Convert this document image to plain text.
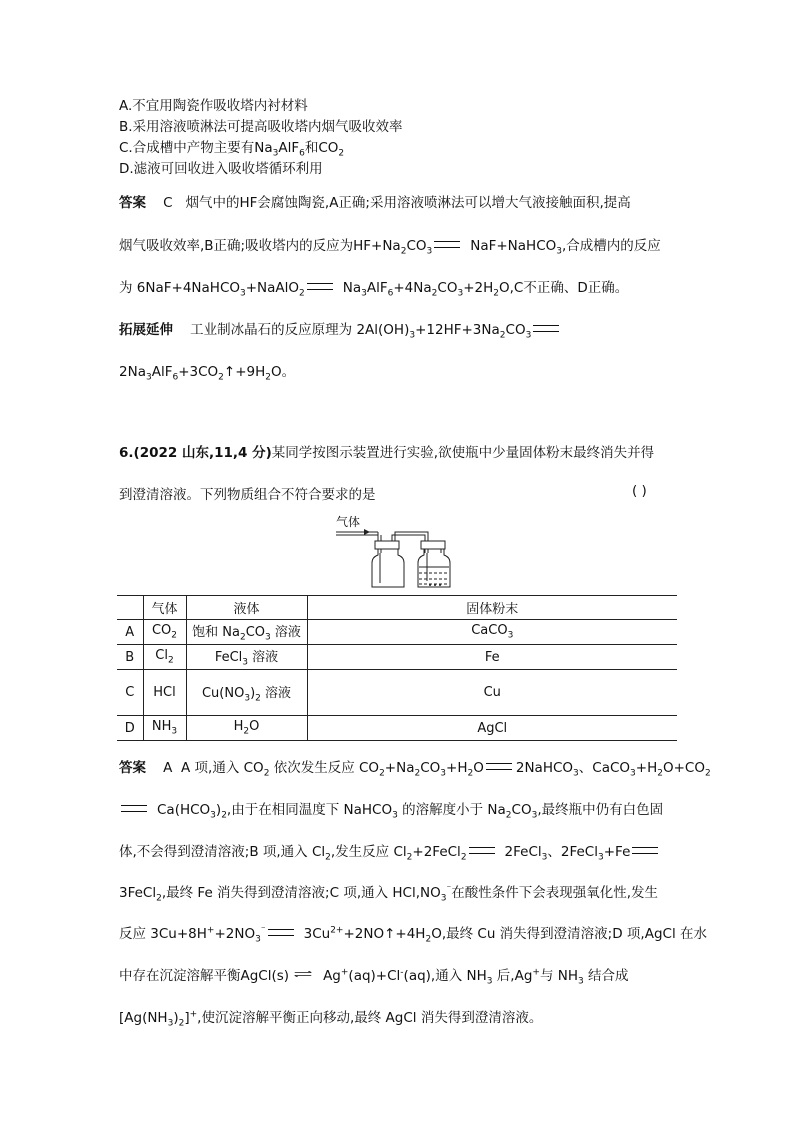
A.不宜用陶瓷作吸收塔内衬材料
B.采用溶液喷淋法可提高吸收塔内烟气吸收效率
C.合成槽中产物主要有$Na_3AlF_6$和$CO_2$
D.滤液可回收进入吸收塔循环利用
答案 C 烟气中的HF会腐蚀陶瓷,A正确;采用溶液喷淋法可以增大气液接触面积,提高
烟气吸收效率,B正确;吸收塔内的反应为$HF+Na_2CO_3$	NaF+NaHCO$_3$,合成槽内的反应
为 6NaF+4NaHCO$_3$+NaAlO$_2$	$Na_3AlF_6+4Na_2CO_3+2H_2O,C$不正确、D正确。
拓展延伸 工业制冰晶石的反应原理为 $2Al(OH)_3+12HF+3Na_2CO_3$
$2Na_3AlF_6+3CO_2↑+9H_2O$。
6.(2022 山东,11,4 分)某同学按图示装置进行实验,欲使瓶中少量固体粉末最终消失并得
到澄清溶液。下列物质组合不符合要求的是	( )
气体
	气体	液体	固体粉末
A	$CO_2$	饱和 $Na_2CO_3$ 溶液	CaCO$_3$
B	$Cl_2$	FeCl$_3$ 溶液	Fe
C	HCl	$Cu(NO_3)_2$ 溶液	Cu
D	$NH_3$	$H_2O$	AgCl
答案 A A 项,通入 $CO_2$ 依次发生反应 $CO_2+Na_2CO_3+H_2O$ 2NaHCO$_3$、$CaCO_3+H_2O+CO_2$
$Ca(HCO_3)_2$,由于在相同温度下 NaHCO$_3$ 的溶解度小于 $Na_2CO_3$,最终瓶中仍有白色固
体,不会得到澄清溶液;B 项,通入 $Cl_2$,发生反应 $Cl_2+2FeCl_2$	2FeCl$_3$、2FeCl$_3$+Fe
3FeCl$_2$,最终 Fe 消失得到澄清溶液;C 项,通入 $HCl,NO_3^{^-}$在酸性条件下会表现强氧化性,发生
反应 $3Cu+8H^++2NO_3^{^-}$	$3Cu^{2+}+2NO↑+4H_2O$,最终 Cu 消失得到澄清溶液;D 项,AgCl 在水
中存在沉淀溶解平衡AgCl(s) ⇌ Ag+(aq)+Cl-(aq),通入 $NH_3$ 后,Ag+与 $NH_3$ 结合成
$[Ag(NH_3)_2]^+$,使沉淀溶解平衡正向移动,最终 AgCl 消失得到澄清溶液。
